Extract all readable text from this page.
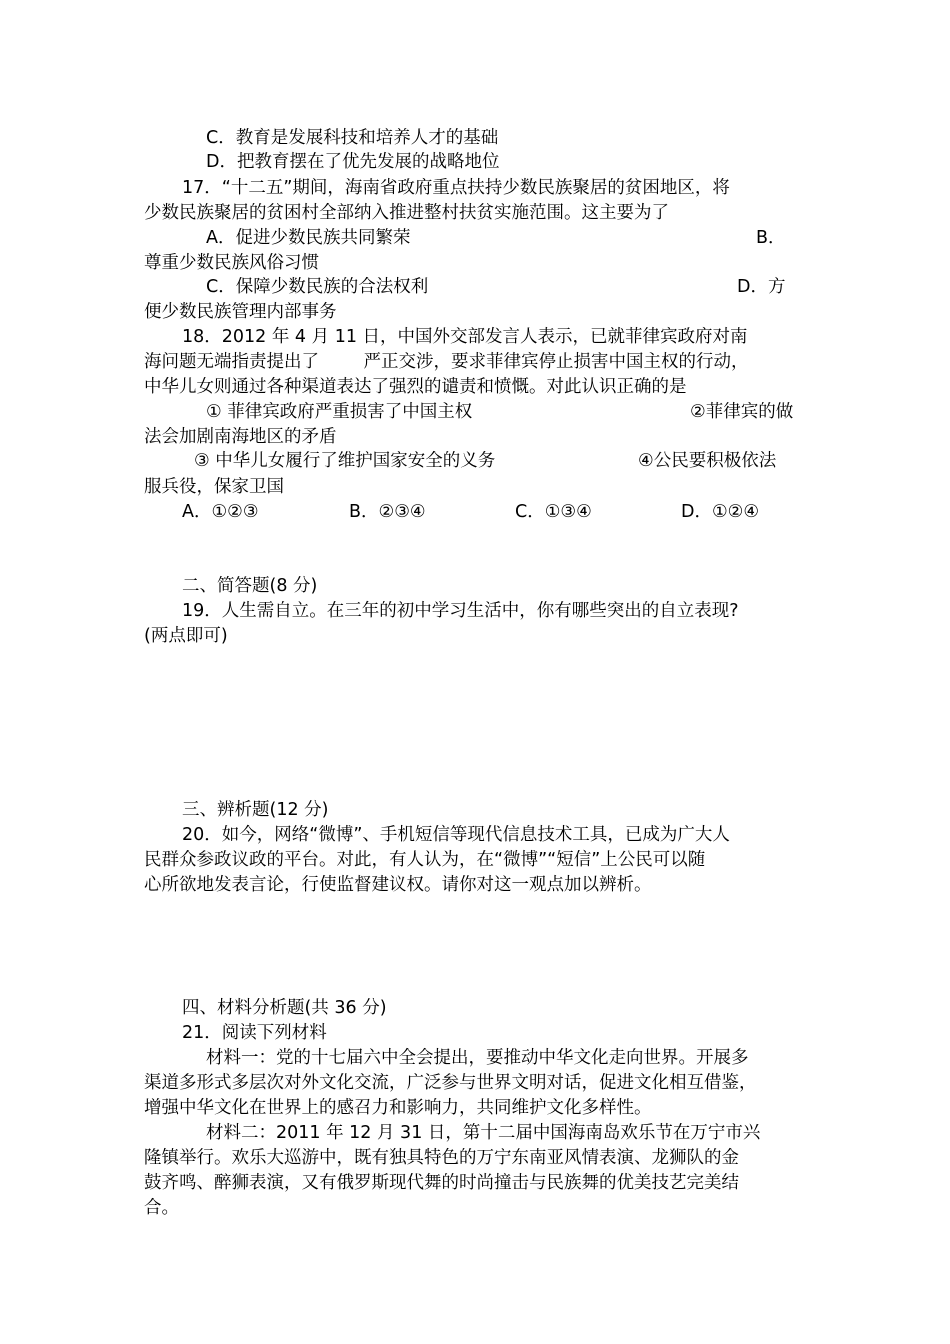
C．教育是发展科技和培养人才的基础
D．把教育摆在了优先发展的战略地位
17．“十二五”期间，海南省政府重点扶持少数民族聚居的贫困地区，将
少数民族聚居的贫困村全部纳入推进整村扶贫实施范围。这主要为了
A．促进少数民族共同繁荣	B．
尊重少数民族风俗习惯
C．保障少数民族的合法权利	D．方
便少数民族管理内部事务
18．2012 年 4 月 11 日，中国外交部发言人表示，已就菲律宾政府对南
海问题无端指责提出了        严正交涉，要求菲律宾停止损害中国主权的行动，
中华儿女则通过各种渠道表达了强烈的谴责和愤慨。对此认识正确的是
① 菲律宾政府严重损害了中国主权	②菲律宾的做
法会加剧南海地区的矛盾
③ 中华儿女履行了维护国家安全的义务	④公民要积极依法
服兵役，保家卫国
A．①②③	B．②③④	C．①③④	D．①②④
二、简答题(8 分)
19．人生需自立。在三年的初中学习生活中，你有哪些突出的自立表现?
(两点即可)
三、辨析题(12 分)
20．如今，网络“微博”、手机短信等现代信息技术工具，已成为广大人
民群众参政议政的平台。对此，有人认为，在“微博”“短信”上公民可以随
心所欲地发表言论，行使监督建议权。请你对这一观点加以辨析。
四、材料分析题(共 36 分)
21．阅读下列材料
材料一：党的十七届六中全会提出，要推动中华文化走向世界。开展多
渠道多形式多层次对外文化交流，广泛参与世界文明对话，促进文化相互借鉴，
增强中华文化在世界上的感召力和影响力，共同维护文化多样性。
材料二：2011 年 12 月 31 日，第十二届中国海南岛欢乐节在万宁市兴
隆镇举行。欢乐大巡游中，既有独具特色的万宁东南亚风情表演、龙狮队的金
鼓齐鸣、醉狮表演，又有俄罗斯现代舞的时尚撞击与民族舞的优美技艺完美结
合。
